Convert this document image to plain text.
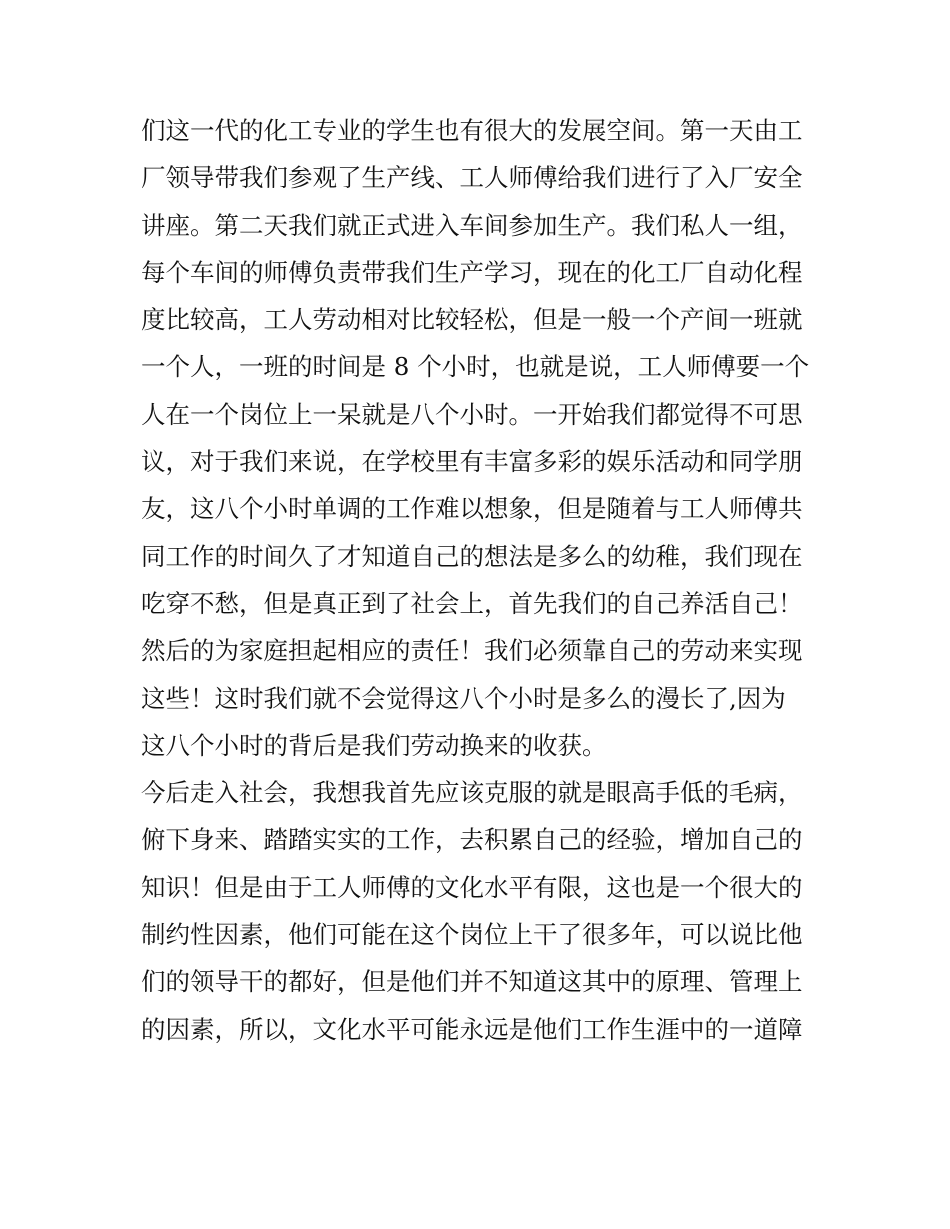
们这一代的化工专业的学生也有很大的发展空间。第一天由工
厂领导带我们参观了生产线、工人师傅给我们进行了入厂安全
讲座。第二天我们就正式进入车间参加生产。我们私人一组，
每个车间的师傅负责带我们生产学习，现在的化工厂自动化程
度比较高，工人劳动相对比较轻松，但是一般一个产间一班就
一个人，一班的时间是 8 个小时，也就是说，工人师傅要一个
人在一个岗位上一呆就是八个小时。一开始我们都觉得不可思
议，对于我们来说，在学校里有丰富多彩的娱乐活动和同学朋
友，这八个小时单调的工作难以想象，但是随着与工人师傅共
同工作的时间久了才知道自己的想法是多么的幼稚，我们现在
吃穿不愁，但是真正到了社会上，首先我们的自己养活自己！
然后的为家庭担起相应的责任！我们必须靠自己的劳动来实现
这些！这时我们就不会觉得这八个小时是多么的漫长了,因为
这八个小时的背后是我们劳动换来的收获。
今后走入社会，我想我首先应该克服的就是眼高手低的毛病，
俯下身来、踏踏实实的工作，去积累自己的经验，增加自己的
知识！但是由于工人师傅的文化水平有限，这也是一个很大的
制约性因素，他们可能在这个岗位上干了很多年，可以说比他
们的领导干的都好，但是他们并不知道这其中的原理、管理上
的因素，所以，文化水平可能永远是他们工作生涯中的一道障
